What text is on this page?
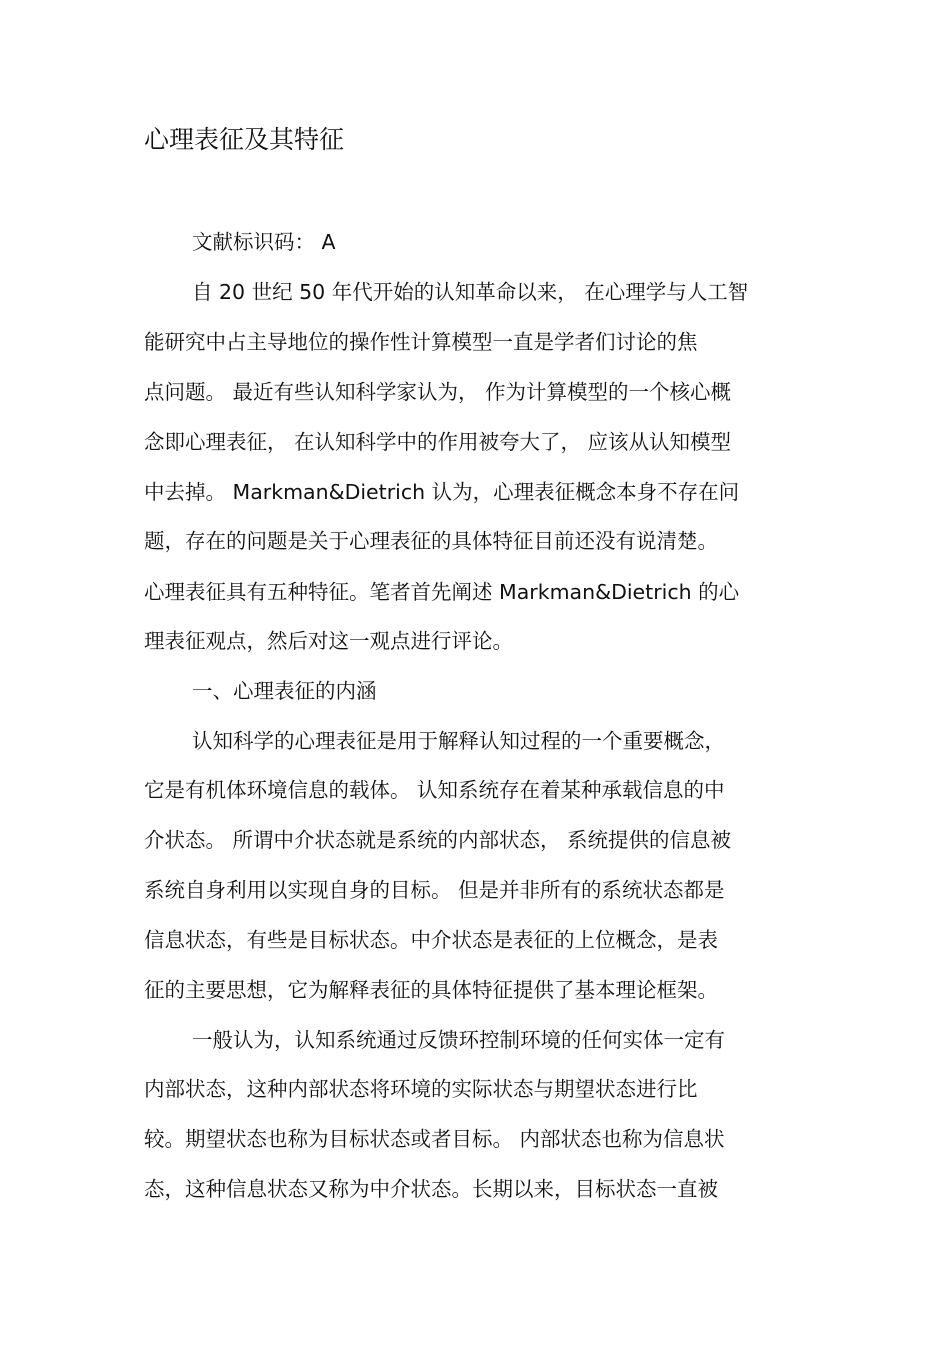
心理表征及其特征
文献标识码： A
自 20 世纪 50 年代开始的认知革命以来， 在心理学与人工智
能研究中占主导地位的操作性计算模型一直是学者们讨论的焦
点问题。 最近有些认知科学家认为， 作为计算模型的一个核心概
念即心理表征， 在认知科学中的作用被夸大了， 应该从认知模型
中去掉。 Markman&Dietrich 认为，心理表征概念本身不存在问
题，存在的问题是关于心理表征的具体特征目前还没有说清楚。
心理表征具有五种特征。笔者首先阐述 Markman&Dietrich 的心
理表征观点，然后对这一观点进行评论。
一、心理表征的内涵
认知科学的心理表征是用于解释认知过程的一个重要概念，
它是有机体环境信息的载体。 认知系统存在着某种承载信息的中
介状态。 所谓中介状态就是系统的内部状态， 系统提供的信息被
系统自身利用以实现自身的目标。 但是并非所有的系统状态都是
信息状态，有些是目标状态。中介状态是表征的上位概念，是表
征的主要思想，它为解释表征的具体特征提供了基本理论框架。
一般认为，认知系统通过反馈环控制环境的任何实体一定有
内部状态，这种内部状态将环境的实际状态与期望状态进行比
较。期望状态也称为目标状态或者目标。 内部状态也称为信息状
态，这种信息状态又称为中介状态。长期以来，目标状态一直被
